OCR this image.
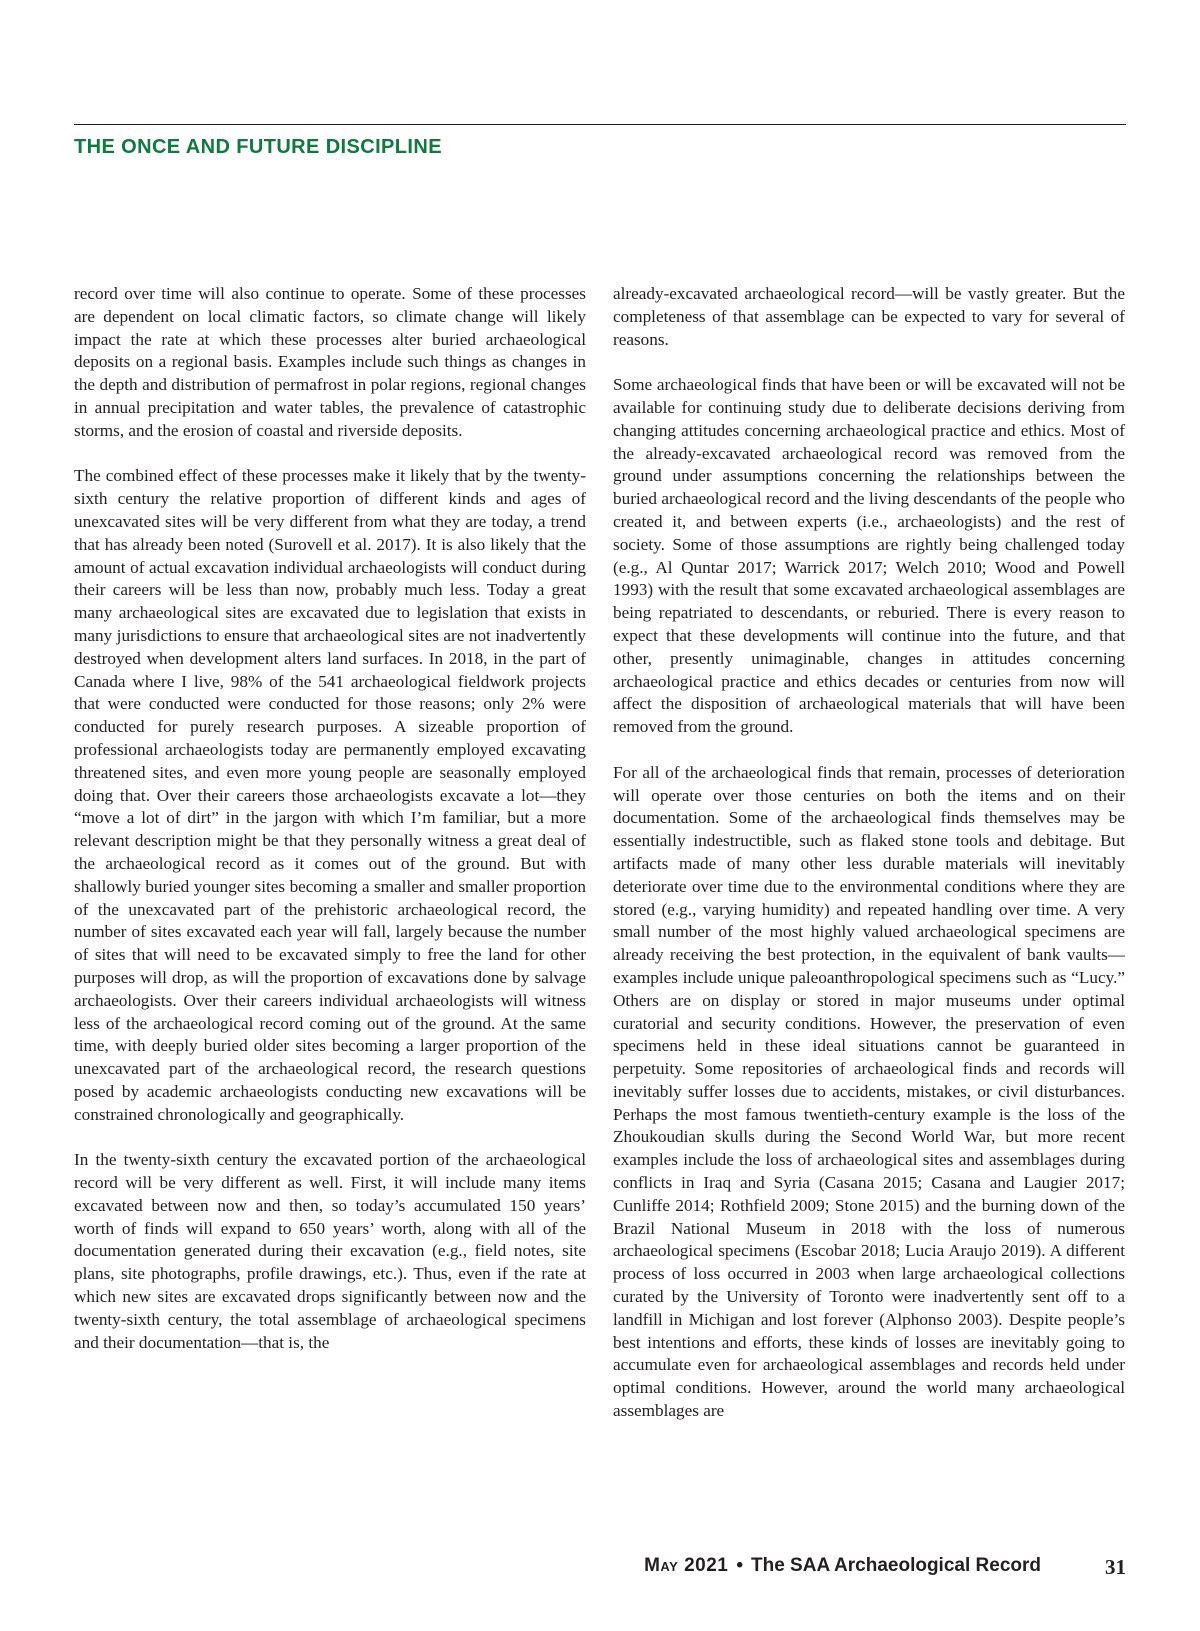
THE ONCE AND FUTURE DISCIPLINE

record over time will also continue to operate. Some of these processes are dependent on local climatic factors, so climate change will likely impact the rate at which these processes alter buried archaeological deposits on a regional basis. Examples include such things as changes in the depth and distribution of permafrost in polar regions, regional changes in annual precipitation and water tables, the prevalence of catastrophic storms, and the erosion of coastal and riverside deposits.

The combined effect of these processes make it likely that by the twenty-sixth century the relative proportion of different kinds and ages of unexcavated sites will be very different from what they are today, a trend that has already been noted (Surovell et al. 2017). It is also likely that the amount of actual excavation individual archaeologists will conduct during their careers will be less than now, probably much less. Today a great many archaeological sites are excavated due to legislation that exists in many jurisdictions to ensure that archaeological sites are not inadvertently destroyed when development alters land surfaces. In 2018, in the part of Canada where I live, 98% of the 541 archaeological fieldwork projects that were conducted were conducted for those reasons; only 2% were conducted for purely research purposes. A sizeable proportion of professional archaeologists today are permanently employed excavating threatened sites, and even more young people are seasonally employed doing that. Over their careers those archaeologists excavate a lot—they “move a lot of dirt” in the jargon with which I’m familiar, but a more relevant description might be that they personally witness a great deal of the archaeological record as it comes out of the ground. But with shallowly buried younger sites becoming a smaller and smaller proportion of the unexcavated part of the prehistoric archaeological record, the number of sites excavated each year will fall, largely because the number of sites that will need to be excavated simply to free the land for other purposes will drop, as will the proportion of excavations done by salvage archaeologists. Over their careers individual archaeologists will witness less of the archaeological record coming out of the ground. At the same time, with deeply buried older sites becoming a larger proportion of the unexcavated part of the archaeological record, the research questions posed by academic archaeologists conducting new excavations will be constrained chronologically and geographically.

In the twenty-sixth century the excavated portion of the archaeological record will be very different as well. First, it will include many items excavated between now and then, so today’s accumulated 150 years’ worth of finds will expand to 650 years’ worth, along with all of the documentation generated during their excavation (e.g., field notes, site plans, site photographs, profile drawings, etc.). Thus, even if the rate at which new sites are excavated drops significantly between now and the twenty-sixth century, the total assemblage of archaeological specimens and their documentation—that is, the

already-excavated archaeological record—will be vastly greater. But the completeness of that assemblage can be expected to vary for several of reasons.

Some archaeological finds that have been or will be excavated will not be available for continuing study due to deliberate decisions deriving from changing attitudes concerning archaeological practice and ethics. Most of the already-excavated archaeological record was removed from the ground under assumptions concerning the relationships between the buried archaeological record and the living descendants of the people who created it, and between experts (i.e., archaeologists) and the rest of society. Some of those assumptions are rightly being challenged today (e.g., Al Quntar 2017; Warrick 2017; Welch 2010; Wood and Powell 1993) with the result that some excavated archaeological assemblages are being repatriated to descendants, or reburied. There is every reason to expect that these developments will continue into the future, and that other, presently unimaginable, changes in attitudes concerning archaeological practice and ethics decades or centuries from now will affect the disposition of archaeological materials that will have been removed from the ground.

For all of the archaeological finds that remain, processes of deterioration will operate over those centuries on both the items and on their documentation. Some of the archaeological finds themselves may be essentially indestructible, such as flaked stone tools and debitage. But artifacts made of many other less durable materials will inevitably deteriorate over time due to the environmental conditions where they are stored (e.g., varying humidity) and repeated handling over time. A very small number of the most highly valued archaeological specimens are already receiving the best protection, in the equivalent of bank vaults—examples include unique paleoanthropological specimens such as “Lucy.” Others are on display or stored in major museums under optimal curatorial and security conditions. However, the preservation of even specimens held in these ideal situations cannot be guaranteed in perpetuity. Some repositories of archaeological finds and records will inevitably suffer losses due to accidents, mistakes, or civil disturbances. Perhaps the most famous twentieth-century example is the loss of the Zhoukoudian skulls during the Second World War, but more recent examples include the loss of archaeological sites and assemblages during conflicts in Iraq and Syria (Casana 2015; Casana and Laugier 2017; Cunliffe 2014; Rothfield 2009; Stone 2015) and the burning down of the Brazil National Museum in 2018 with the loss of numerous archaeological specimens (Escobar 2018; Lucia Araujo 2019). A different process of loss occurred in 2003 when large archaeological collections curated by the University of Toronto were inadvertently sent off to a landfill in Michigan and lost forever (Alphonso 2003). Despite people’s best intentions and efforts, these kinds of losses are inevitably going to accumulate even for archaeological assemblages and records held under optimal conditions. However, around the world many archaeological assemblages are

May 2021 • The SAA Archaeological Record	31
